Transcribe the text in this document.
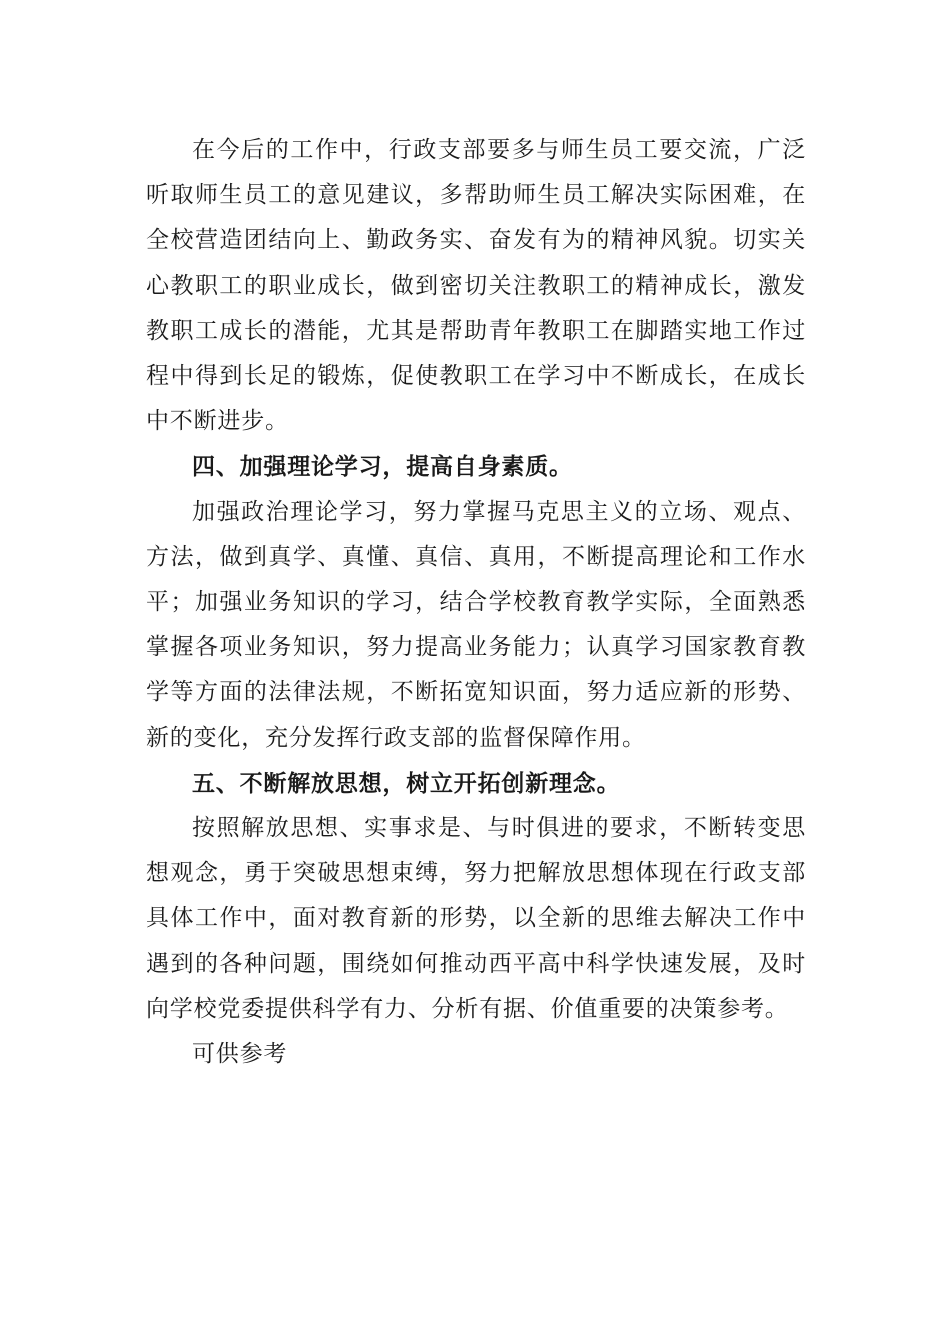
在今后的工作中，行政支部要多与师生员工要交流，广泛听取师生员工的意见建议，多帮助师生员工解决实际困难，在全校营造团结向上、勤政务实、奋发有为的精神风貌。切实关心教职工的职业成长，做到密切关注教职工的精神成长，激发教职工成长的潜能，尤其是帮助青年教职工在脚踏实地工作过程中得到长足的锻炼，促使教职工在学习中不断成长，在成长中不断进步。

四、加强理论学习，提高自身素质。

加强政治理论学习，努力掌握马克思主义的立场、观点、方法，做到真学、真懂、真信、真用，不断提高理论和工作水平；加强业务知识的学习，结合学校教育教学实际，全面熟悉掌握各项业务知识，努力提高业务能力；认真学习国家教育教学等方面的法律法规，不断拓宽知识面，努力适应新的形势、新的变化，充分发挥行政支部的监督保障作用。

五、不断解放思想，树立开拓创新理念。

按照解放思想、实事求是、与时俱进的要求，不断转变思想观念，勇于突破思想束缚，努力把解放思想体现在行政支部具体工作中，面对教育新的形势，以全新的思维去解决工作中遇到的各种问题，围绕如何推动西平高中科学快速发展，及时向学校党委提供科学有力、分析有据、价值重要的决策参考。

可供参考
